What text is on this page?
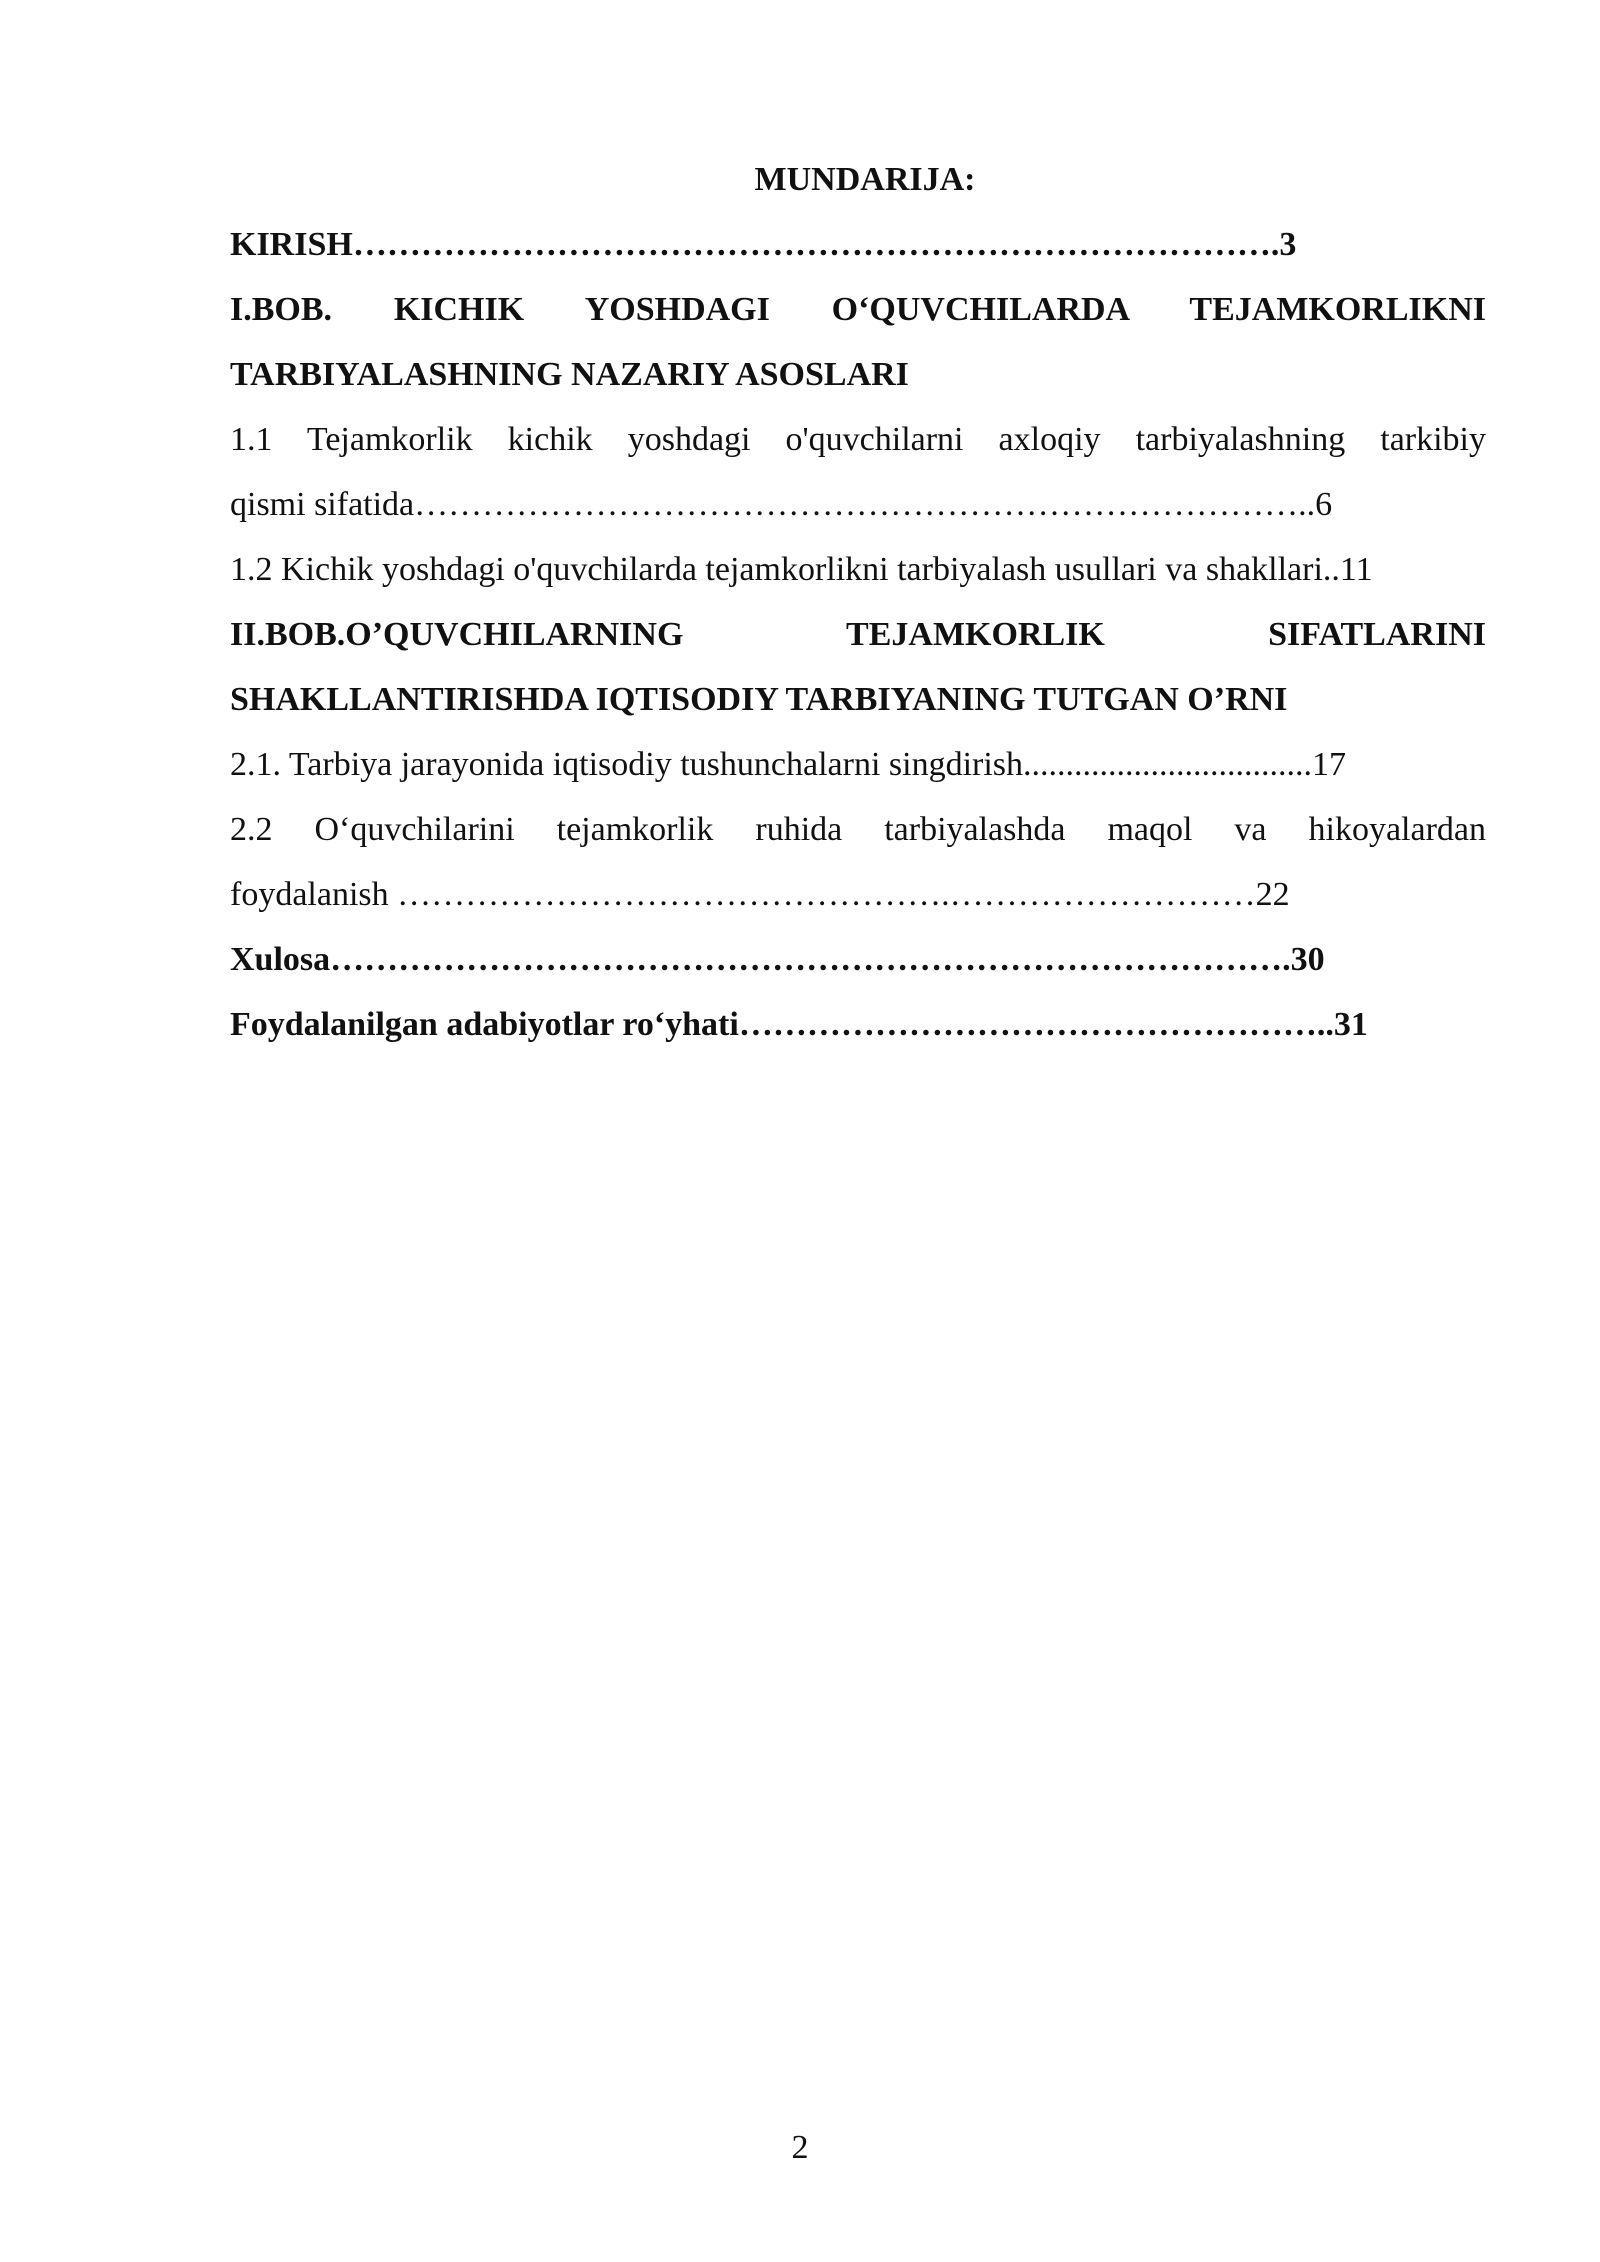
MUNDARIJA:
KIRISH……………………………………………………………………….3
I.BOB. KICHIK YOSHDAGI O‘QUVCHILARDA TEJAMKORLIKNI
TARBIYALASHNING NAZARIY ASOSLARI
1.1 Tejamkorlik kichik yoshdagi o'quvchilarni axloqiy tarbiyalashning tarkibiy
qismi sifatida……………………………………………………………………..6
1.2 Kichik yoshdagi o'quvchilarda tejamkorlikni tarbiyalash usullari va shakllari..11
II.BOB.O’QUVCHILARNING TEJAMKORLIK SIFATLARINI
SHAKLLANTIRISHDA IQTISODIY TARBIYANING TUTGAN O’RNI
2.1. Tarbiya jarayonida iqtisodiy tushunchalarni singdirish..................................17
2.2 O‘quvchilarini tejamkorlik ruhida tarbiyalashda maqol va hikoyalardan
foydalanish ………………………………………….………………………22
Xulosa………………………………………………………………………….30
Foydalanilgan adabiyotlar ro‘yhati……………………………………………..31
2
